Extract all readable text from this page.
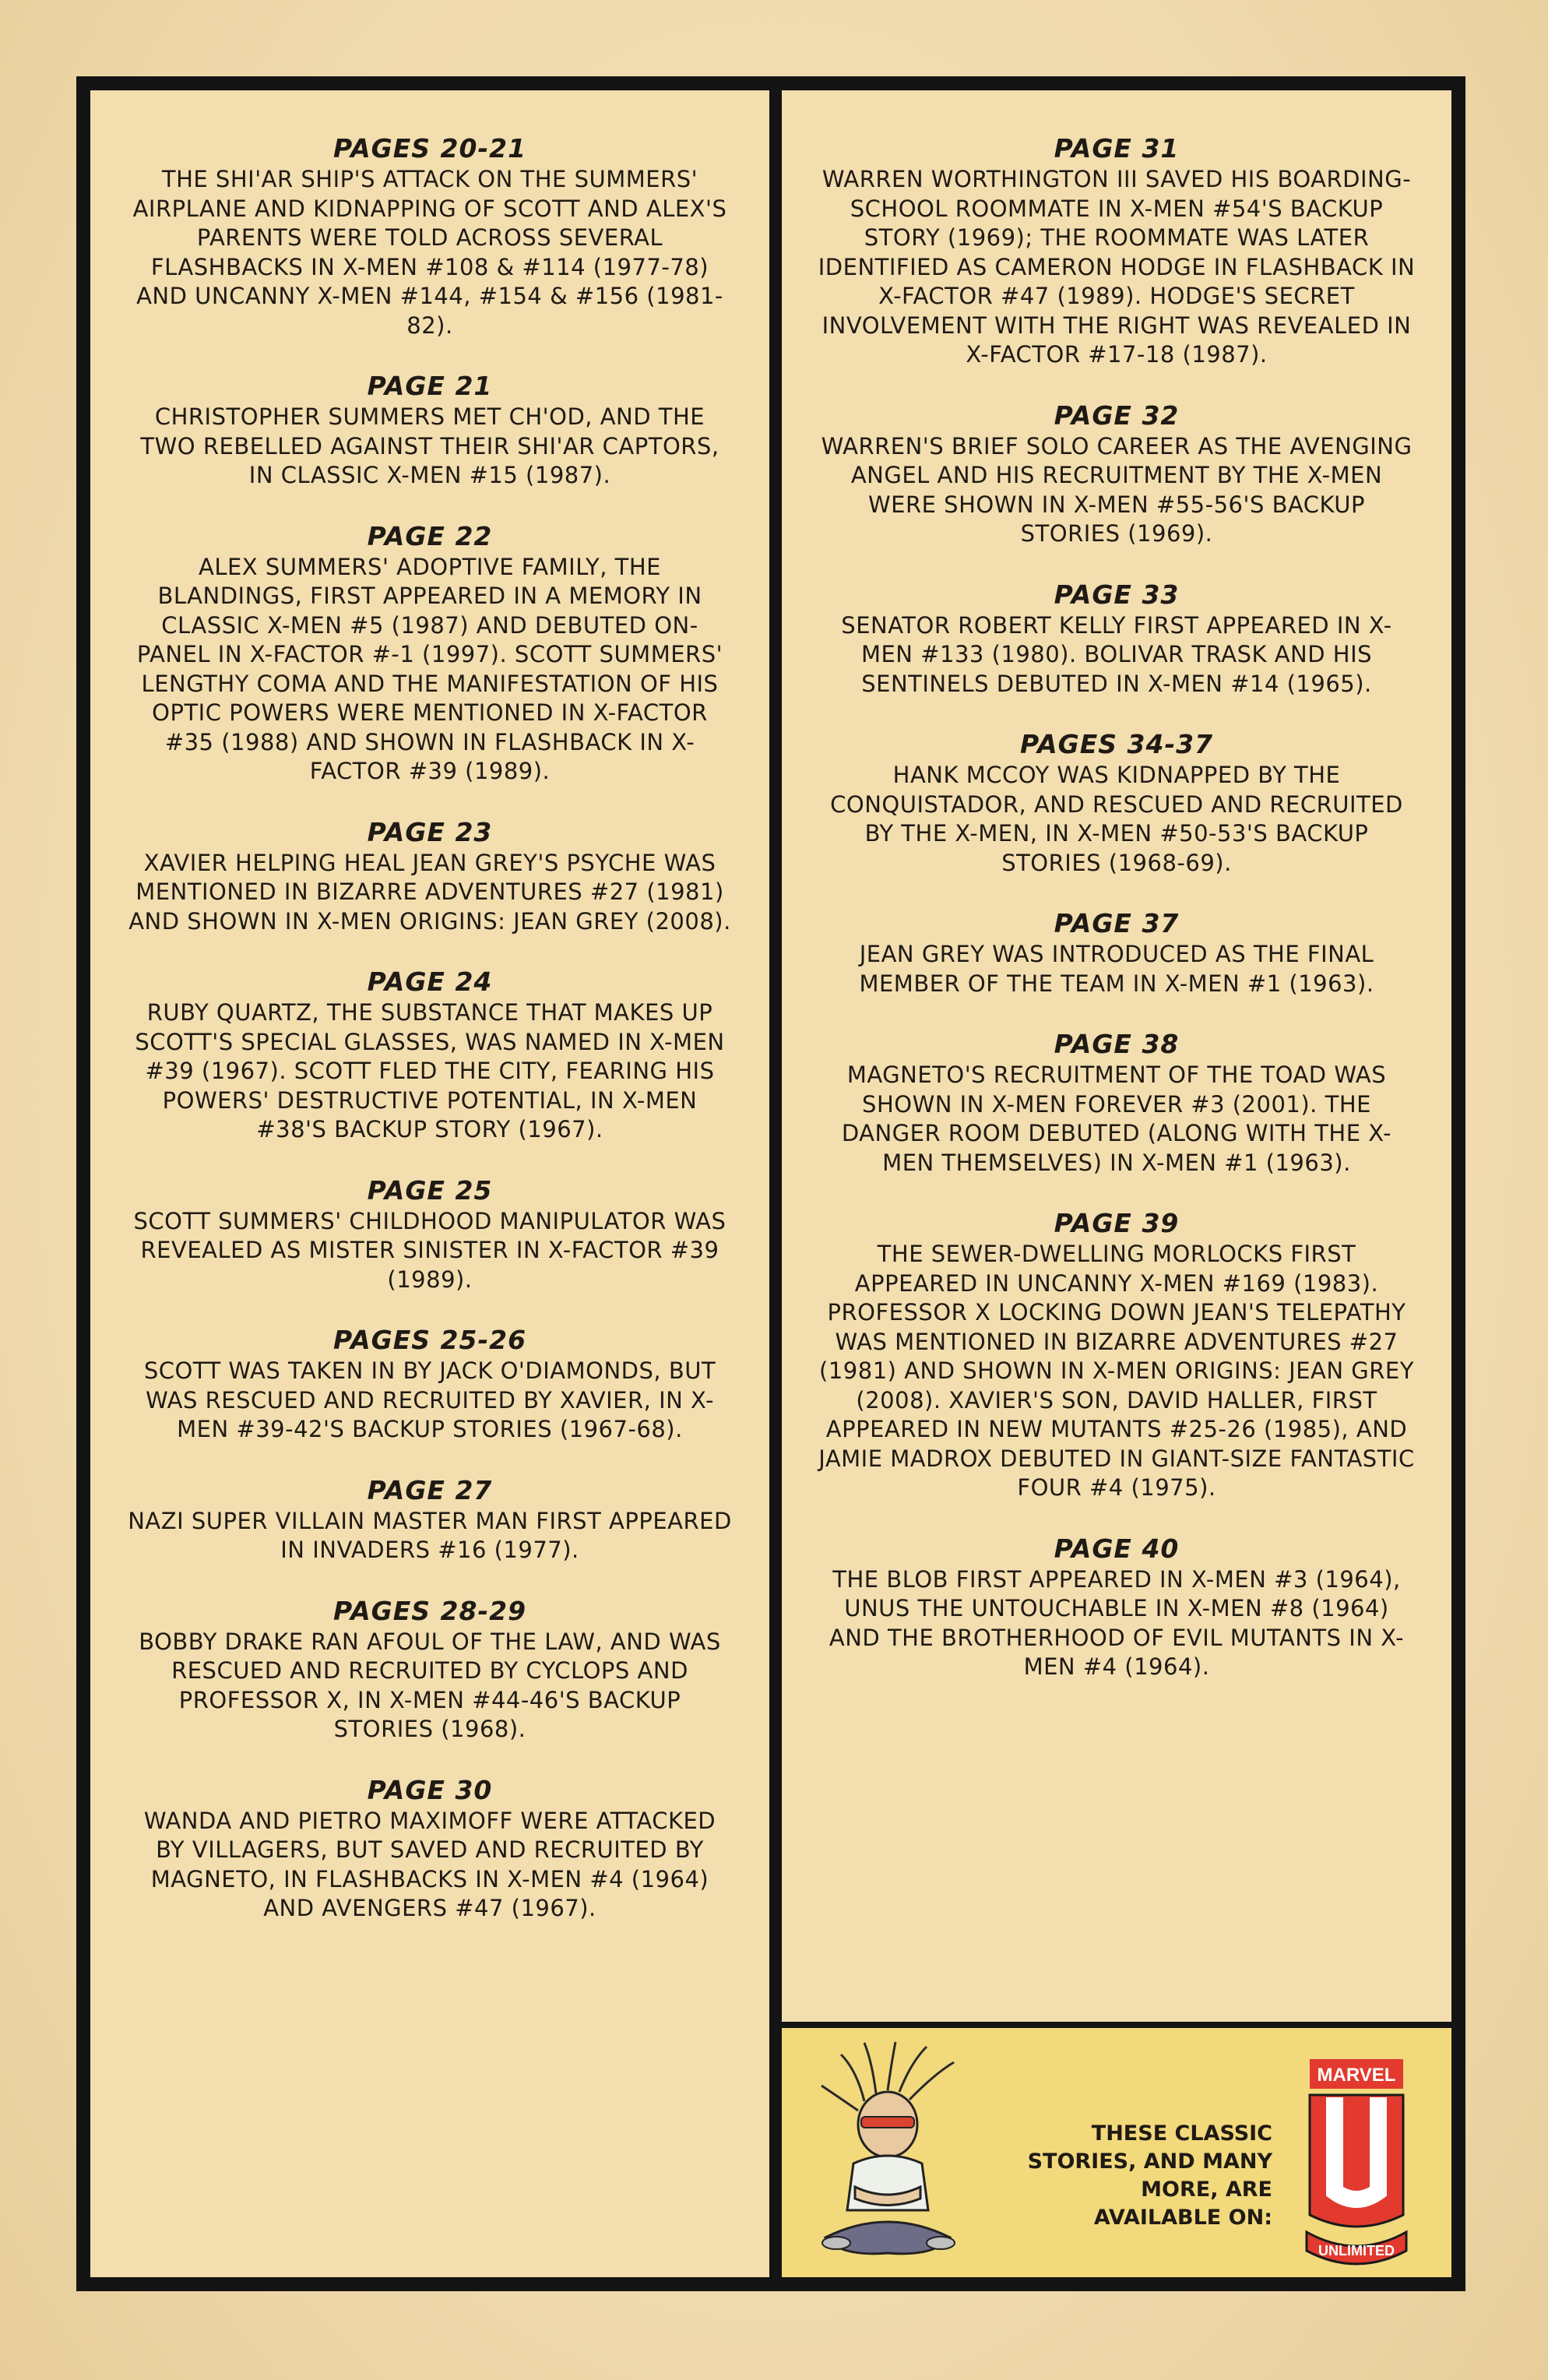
PAGES 20-21
THE SHI'AR SHIP'S ATTACK ON THE SUMMERS' AIRPLANE AND KIDNAPPING OF SCOTT AND ALEX'S PARENTS WERE TOLD ACROSS SEVERAL FLASHBACKS IN X-MEN #108 & #114 (1977-78) AND UNCANNY X-MEN #144, #154 & #156 (1981-82).
PAGE 21
CHRISTOPHER SUMMERS MET CH'OD, AND THE TWO REBELLED AGAINST THEIR SHI'AR CAPTORS, IN CLASSIC X-MEN #15 (1987).
PAGE 22
ALEX SUMMERS' ADOPTIVE FAMILY, THE BLANDINGS, FIRST APPEARED IN A MEMORY IN CLASSIC X-MEN #5 (1987) AND DEBUTED ON-PANEL IN X-FACTOR #-1 (1997). SCOTT SUMMERS' LENGTHY COMA AND THE MANIFESTATION OF HIS OPTIC POWERS WERE MENTIONED IN X-FACTOR #35 (1988) AND SHOWN IN FLASHBACK IN X-FACTOR #39 (1989).
PAGE 23
XAVIER HELPING HEAL JEAN GREY'S PSYCHE WAS MENTIONED IN BIZARRE ADVENTURES #27 (1981) AND SHOWN IN X-MEN ORIGINS: JEAN GREY (2008).
PAGE 24
RUBY QUARTZ, THE SUBSTANCE THAT MAKES UP SCOTT'S SPECIAL GLASSES, WAS NAMED IN X-MEN #39 (1967). SCOTT FLED THE CITY, FEARING HIS POWERS' DESTRUCTIVE POTENTIAL, IN X-MEN #38'S BACKUP STORY (1967).
PAGE 25
SCOTT SUMMERS' CHILDHOOD MANIPULATOR WAS REVEALED AS MISTER SINISTER IN X-FACTOR #39 (1989).
PAGES 25-26
SCOTT WAS TAKEN IN BY JACK O'DIAMONDS, BUT WAS RESCUED AND RECRUITED BY XAVIER, IN X-MEN #39-42'S BACKUP STORIES (1967-68).
PAGE 27
NAZI SUPER VILLAIN MASTER MAN FIRST APPEARED IN INVADERS #16 (1977).
PAGES 28-29
BOBBY DRAKE RAN AFOUL OF THE LAW, AND WAS RESCUED AND RECRUITED BY CYCLOPS AND PROFESSOR X, IN X-MEN #44-46'S BACKUP STORIES (1968).
PAGE 30
WANDA AND PIETRO MAXIMOFF WERE ATTACKED BY VILLAGERS, BUT SAVED AND RECRUITED BY MAGNETO, IN FLASHBACKS IN X-MEN #4 (1964) AND AVENGERS #47 (1967).
PAGE 31
WARREN WORTHINGTON III SAVED HIS BOARDING-SCHOOL ROOMMATE IN X-MEN #54'S BACKUP STORY (1969); THE ROOMMATE WAS LATER IDENTIFIED AS CAMERON HODGE IN FLASHBACK IN X-FACTOR #47 (1989). HODGE'S SECRET INVOLVEMENT WITH THE RIGHT WAS REVEALED IN X-FACTOR #17-18 (1987).
PAGE 32
WARREN'S BRIEF SOLO CAREER AS THE AVENGING ANGEL AND HIS RECRUITMENT BY THE X-MEN WERE SHOWN IN X-MEN #55-56'S BACKUP STORIES (1969).
PAGE 33
SENATOR ROBERT KELLY FIRST APPEARED IN X-MEN #133 (1980). BOLIVAR TRASK AND HIS SENTINELS DEBUTED IN X-MEN #14 (1965).
PAGES 34-37
HANK MCCOY WAS KIDNAPPED BY THE CONQUISTADOR, AND RESCUED AND RECRUITED BY THE X-MEN, IN X-MEN #50-53'S BACKUP STORIES (1968-69).
PAGE 37
JEAN GREY WAS INTRODUCED AS THE FINAL MEMBER OF THE TEAM IN X-MEN #1 (1963).
PAGE 38
MAGNETO'S RECRUITMENT OF THE TOAD WAS SHOWN IN X-MEN FOREVER #3 (2001). THE DANGER ROOM DEBUTED (ALONG WITH THE X-MEN THEMSELVES) IN X-MEN #1 (1963).
PAGE 39
THE SEWER-DWELLING MORLOCKS FIRST APPEARED IN UNCANNY X-MEN #169 (1983). PROFESSOR X LOCKING DOWN JEAN'S TELEPATHY WAS MENTIONED IN BIZARRE ADVENTURES #27 (1981) AND SHOWN IN X-MEN ORIGINS: JEAN GREY (2008). XAVIER'S SON, DAVID HALLER, FIRST APPEARED IN NEW MUTANTS #25-26 (1985), AND JAMIE MADROX DEBUTED IN GIANT-SIZE FANTASTIC FOUR #4 (1975).
PAGE 40
THE BLOB FIRST APPEARED IN X-MEN #3 (1964), UNUS THE UNTOUCHABLE IN X-MEN #8 (1964) AND THE BROTHERHOOD OF EVIL MUTANTS IN X-MEN #4 (1964).
THESE CLASSIC STORIES, AND MANY MORE, ARE AVAILABLE ON:
MARVEL
UNLIMITED
